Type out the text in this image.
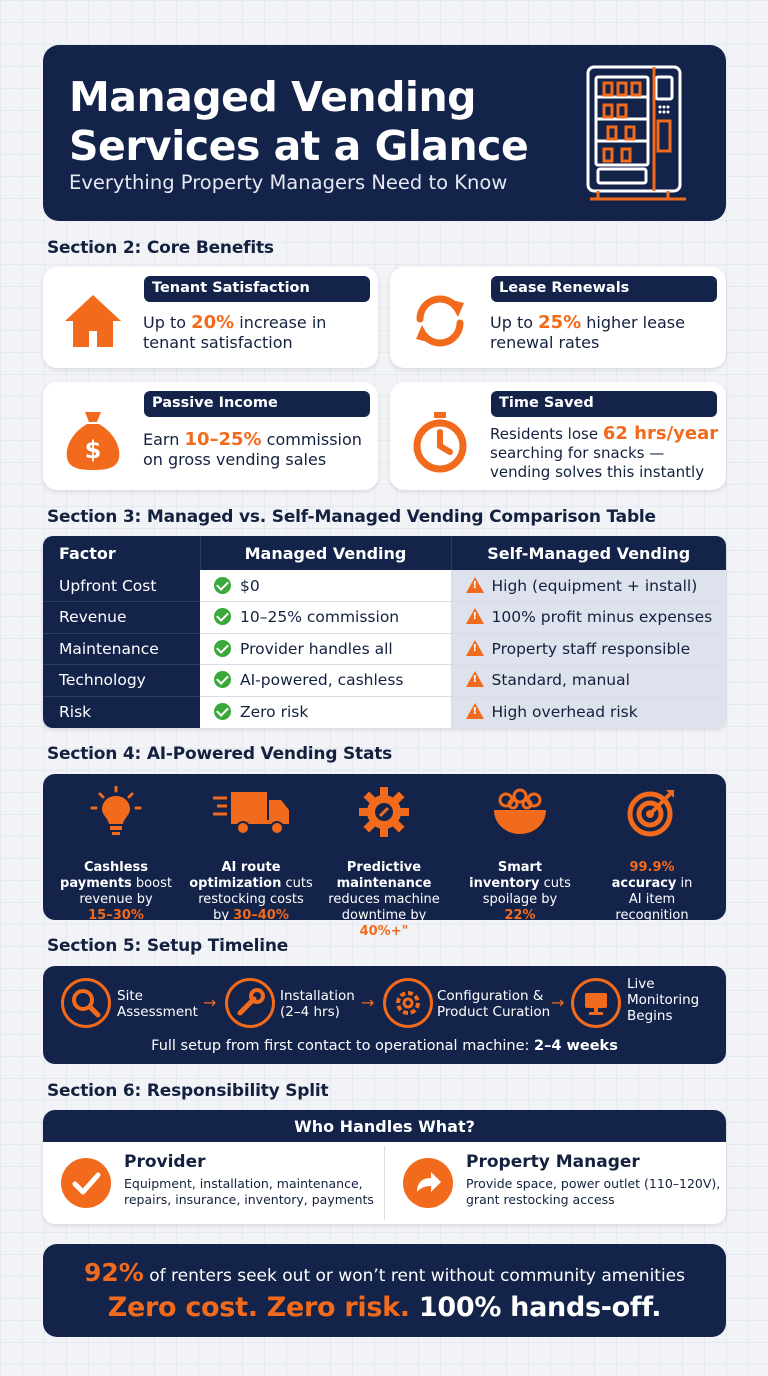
Managed Vending
Services at a Glance
Everything Property Managers Need to Know
Section 2: Core Benefits
Tenant Satisfaction
Up to 20% increase in
tenant satisfaction
Lease Renewals
Up to 25% higher lease
renewal rates
$
Passive Income
Earn 10–25% commission
on gross vending sales
Time Saved
Residents lose 62 hrs/year
searching for snacks —
vending solves this instantly
Section 3: Managed vs. Self-Managed Vending Comparison Table
Factor	Managed Vending	Self-Managed Vending
Upfront Cost	$0	!High (equipment + install)
Revenue	10–25% commission	!100% profit minus expenses
Maintenance	Provider handles all	!Property staff responsible
Technology	AI-powered, cashless	!Standard, manual
Risk	Zero risk	!High overhead risk
Section 4: AI-Powered Vending Stats
Cashless
payments boost
revenue by
15–30%
AI route
optimization cuts
restocking costs
by 30–40%
Predictive
maintenance
reduces machine
downtime by 40%+"
Smart
inventory cuts
spoilage by
22%
99.9%
accuracy in
AI item
recognition
Section 5: Setup Timeline
Site
Assessment →	Installation
(2–4 hrs)	→	Configuration &
Product Curation →
Live
Monitoring
Begins
Full setup from first contact to operational machine: 2–4 weeks
Section 6: Responsibility Split
Who Handles What?
Provider
Equipment, installation, maintenance,
repairs, insurance, inventory, payments
Property Manager
Provide space, power outlet (110–120V),
grant restocking access
92% of renters seek out or won’t rent without community amenities
Zero cost. Zero risk. 100% hands-off.
